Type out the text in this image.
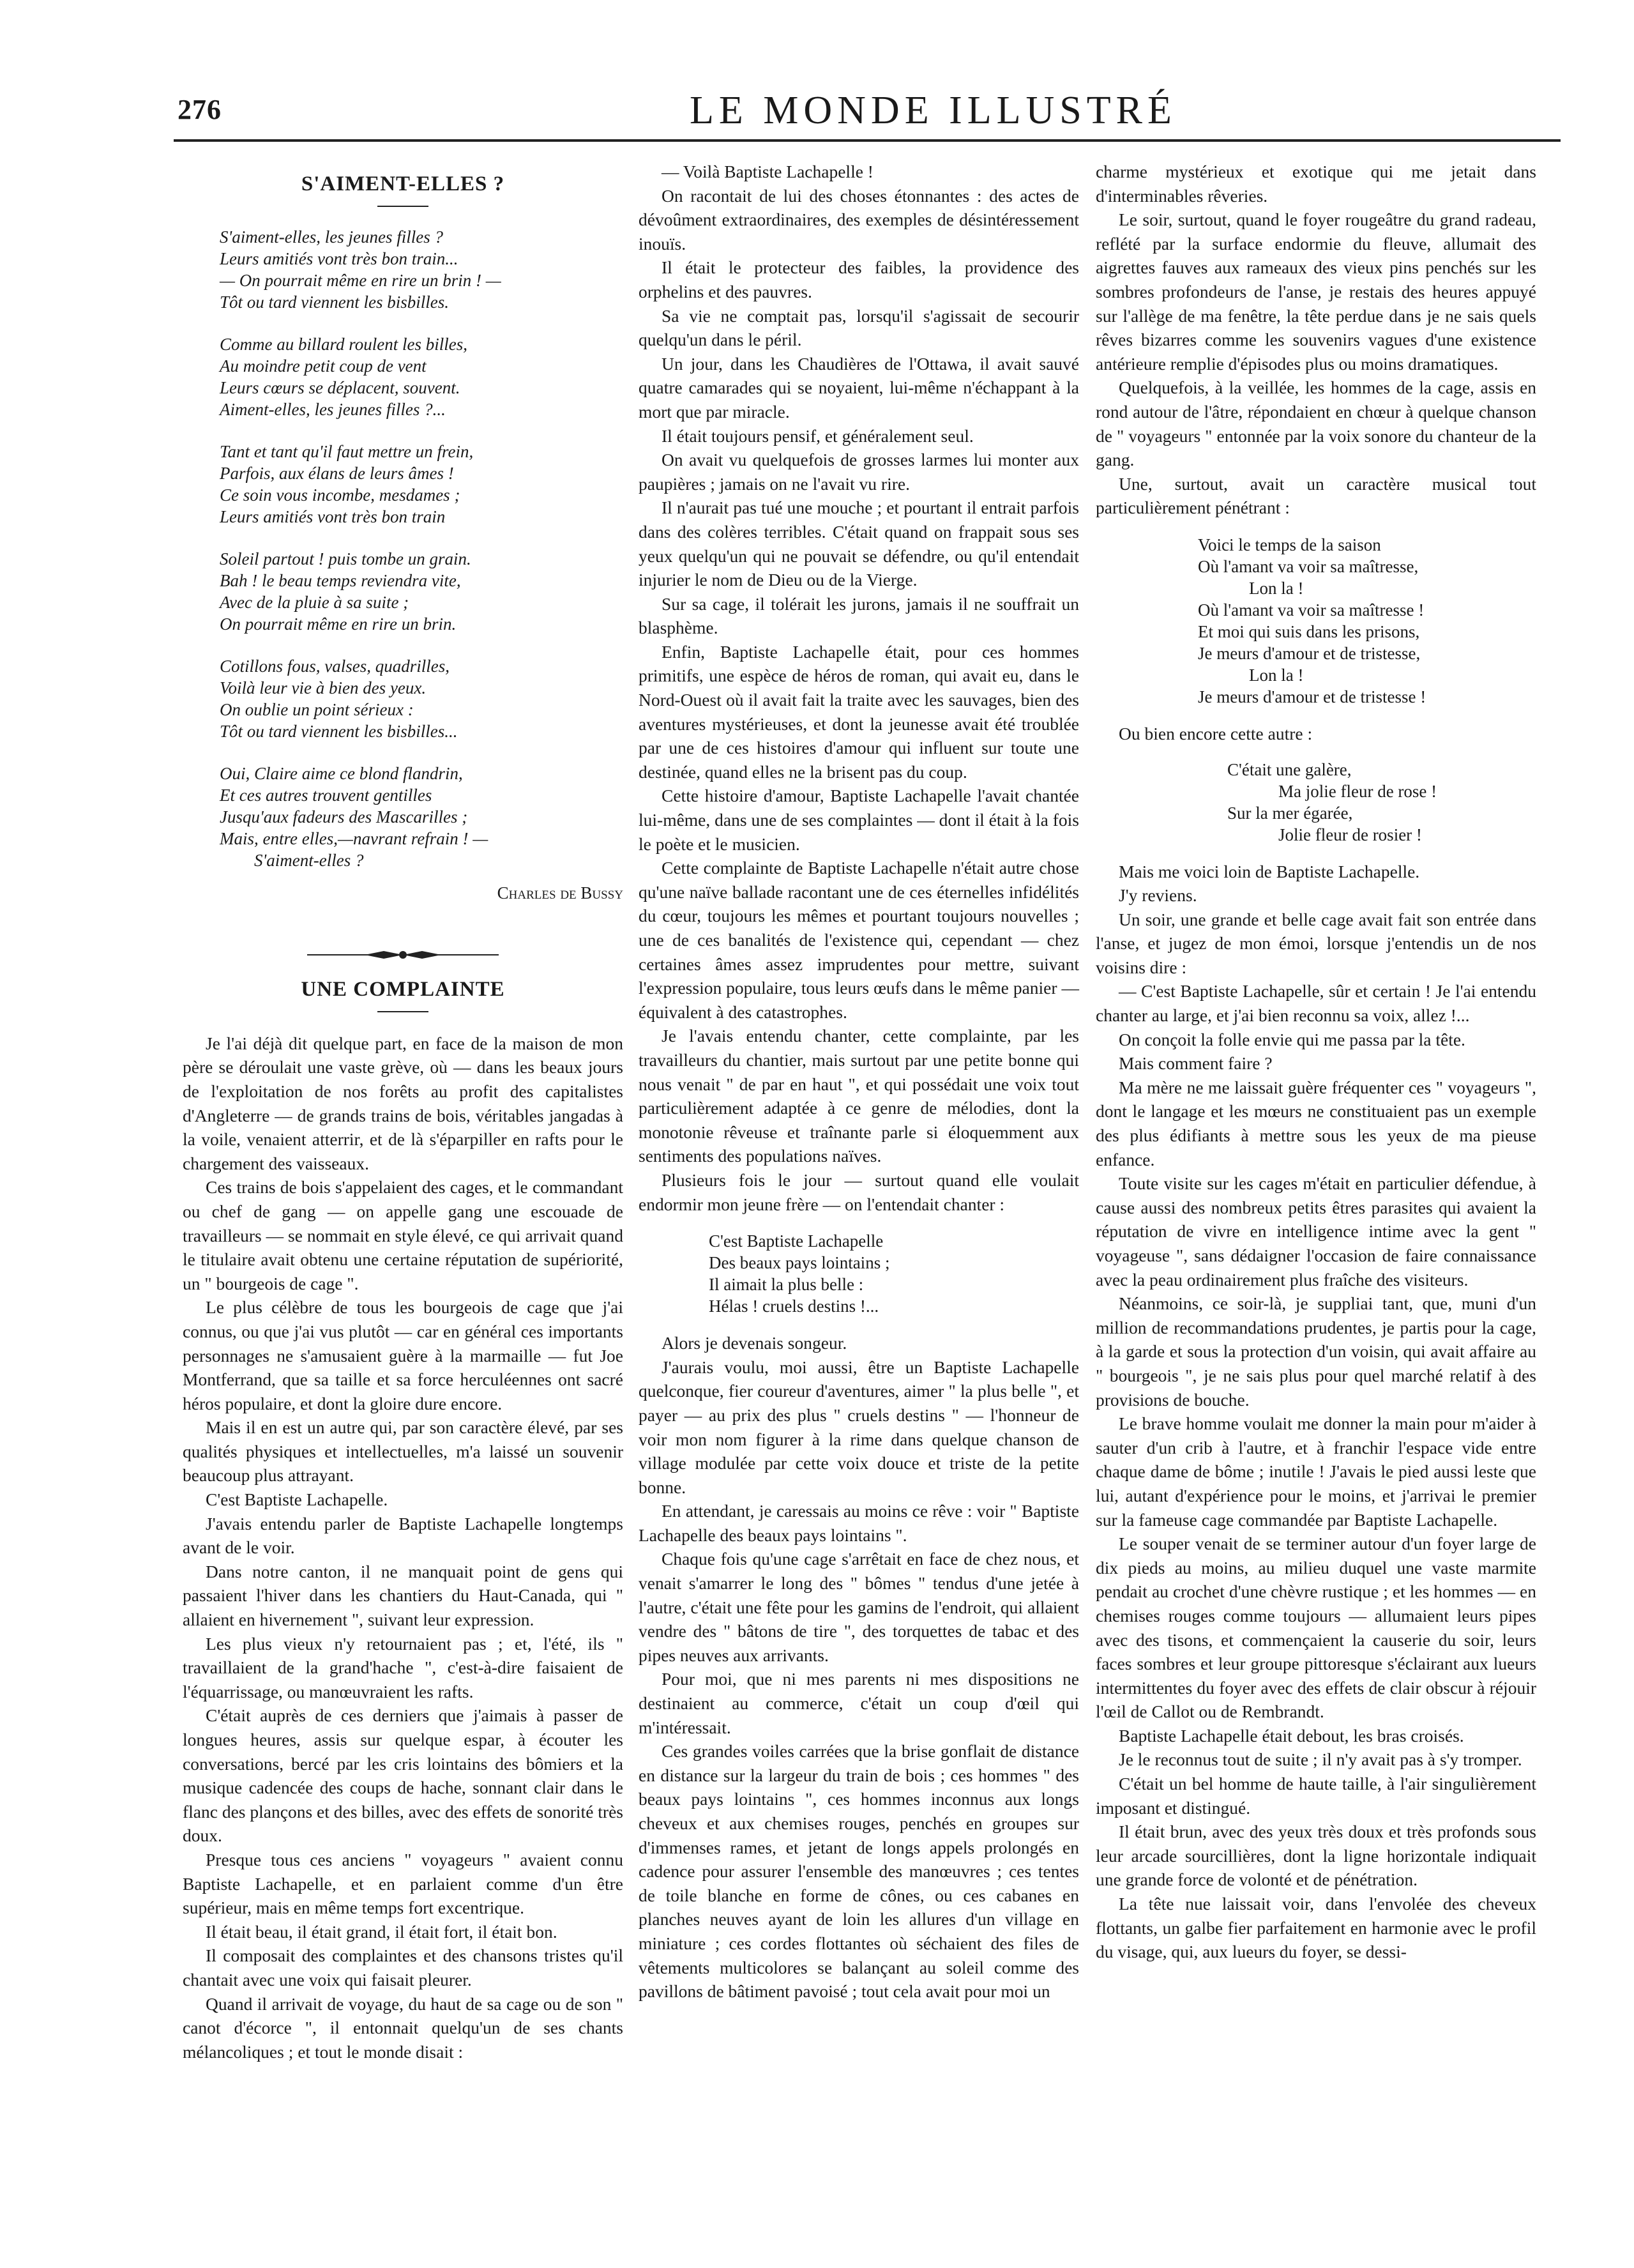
276	LE MONDE ILLUSTRÉ
S'AIMENT-ELLES ?
S'aiment-elles, les jeunes filles ?
Leurs amitiés vont très bon train...
— On pourrait même en rire un brin ! —
Tôt ou tard viennent les bisbilles.
Comme au billard roulent les billes,
Au moindre petit coup de vent
Leurs cœurs se déplacent, souvent.
Aiment-elles, les jeunes filles ?...
Tant et tant qu'il faut mettre un frein,
Parfois, aux élans de leurs âmes !
Ce soin vous incombe, mesdames ;
Leurs amitiés vont très bon train
Soleil partout ! puis tombe un grain.
Bah ! le beau temps reviendra vite,
Avec de la pluie à sa suite ;
On pourrait même en rire un brin.
Cotillons fous, valses, quadrilles,
Voilà leur vie à bien des yeux.
On oublie un point sérieux :
Tôt ou tard viennent les bisbilles...
Oui, Claire aime ce blond flandrin,
Et ces autres trouvent gentilles
Jusqu'aux fadeurs des Mascarilles ;
Mais, entre elles,—navrant refrain ! —
S'aiment-elles ?
Charles de Bussy
UNE COMPLAINTE

Je l'ai déjà dit quelque part, en face de la maison de mon père se déroulait une vaste grève, où — dans les beaux jours de l'exploitation de nos forêts au profit des capitalistes d'Angleterre — de grands trains de bois, véritables jangadas à la voile, venaient atterrir, et de là s'éparpiller en rafts pour le chargement des vaisseaux.

Ces trains de bois s'appelaient des cages, et le commandant ou chef de gang — on appelle gang une escouade de travailleurs — se nommait en style élevé, ce qui arrivait quand le titulaire avait obtenu une certaine réputation de supériorité, un " bourgeois de cage ".

Le plus célèbre de tous les bourgeois de cage que j'ai connus, ou que j'ai vus plutôt — car en général ces importants personnages ne s'amusaient guère à la marmaille — fut Joe Montferrand, que sa taille et sa force herculéennes ont sacré héros populaire, et dont la gloire dure encore.

Mais il en est un autre qui, par son caractère élevé, par ses qualités physiques et intellectuelles, m'a laissé un souvenir beaucoup plus attrayant.

C'est Baptiste Lachapelle.

J'avais entendu parler de Baptiste Lachapelle longtemps avant de le voir.

Dans notre canton, il ne manquait point de gens qui passaient l'hiver dans les chantiers du Haut-Canada, qui " allaient en hivernement ", suivant leur expression.

Les plus vieux n'y retournaient pas ; et, l'été, ils " travaillaient de la grand'hache ", c'est-à-dire faisaient de l'équarrissage, ou manœuvraient les rafts.

C'était auprès de ces derniers que j'aimais à passer de longues heures, assis sur quelque espar, à écouter les conversations, bercé par les cris lointains des bômiers et la musique cadencée des coups de hache, sonnant clair dans le flanc des plançons et des billes, avec des effets de sonorité très doux.

Presque tous ces anciens " voyageurs " avaient connu Baptiste Lachapelle, et en parlaient comme d'un être supérieur, mais en même temps fort excentrique.

Il était beau, il était grand, il était fort, il était bon.

Il composait des complaintes et des chansons tristes qu'il chantait avec une voix qui faisait pleurer.

Quand il arrivait de voyage, du haut de sa cage ou de son " canot d'écorce ", il entonnait quelqu'un de ses chants mélancoliques ; et tout le monde disait :

— Voilà Baptiste Lachapelle !

On racontait de lui des choses étonnantes : des actes de dévoûment extraordinaires, des exemples de désintéressement inouïs.

Il était le protecteur des faibles, la providence des orphelins et des pauvres.

Sa vie ne comptait pas, lorsqu'il s'agissait de secourir quelqu'un dans le péril.

Un jour, dans les Chaudières de l'Ottawa, il avait sauvé quatre camarades qui se noyaient, lui-même n'échappant à la mort que par miracle.

Il était toujours pensif, et généralement seul.

On avait vu quelquefois de grosses larmes lui monter aux paupières ; jamais on ne l'avait vu rire.

Il n'aurait pas tué une mouche ; et pourtant il entrait parfois dans des colères terribles. C'était quand on frappait sous ses yeux quelqu'un qui ne pouvait se défendre, ou qu'il entendait injurier le nom de Dieu ou de la Vierge.

Sur sa cage, il tolérait les jurons, jamais il ne souffrait un blasphème.

Enfin, Baptiste Lachapelle était, pour ces hommes primitifs, une espèce de héros de roman, qui avait eu, dans le Nord-Ouest où il avait fait la traite avec les sauvages, bien des aventures mystérieuses, et dont la jeunesse avait été troublée par une de ces histoires d'amour qui influent sur toute une destinée, quand elles ne la brisent pas du coup.

Cette histoire d'amour, Baptiste Lachapelle l'avait chantée lui-même, dans une de ses complaintes — dont il était à la fois le poète et le musicien.

Cette complainte de Baptiste Lachapelle n'était autre chose qu'une naïve ballade racontant une de ces éternelles infidélités du cœur, toujours les mêmes et pourtant toujours nouvelles ; une de ces banalités de l'existence qui, cependant — chez certaines âmes assez imprudentes pour mettre, suivant l'expression populaire, tous leurs œufs dans le même panier — équivalent à des catastrophes.

Je l'avais entendu chanter, cette complainte, par les travailleurs du chantier, mais surtout par une petite bonne qui nous venait " de par en haut ", et qui possédait une voix tout particulièrement adaptée à ce genre de mélodies, dont la monotonie rêveuse et traînante parle si éloquemment aux sentiments des populations naïves.

Plusieurs fois le jour — surtout quand elle voulait endormir mon jeune frère — on l'entendait chanter :

C'est Baptiste Lachapelle
Des beaux pays lointains ;
Il aimait la plus belle :
Hélas ! cruels destins !...

Alors je devenais songeur.

J'aurais voulu, moi aussi, être un Baptiste Lachapelle quelconque, fier coureur d'aventures, aimer " la plus belle ", et payer — au prix des plus " cruels destins " — l'honneur de voir mon nom figurer à la rime dans quelque chanson de village modulée par cette voix douce et triste de la petite bonne.

En attendant, je caressais au moins ce rêve : voir " Baptiste Lachapelle des beaux pays lointains ".

Chaque fois qu'une cage s'arrêtait en face de chez nous, et venait s'amarrer le long des " bômes " tendus d'une jetée à l'autre, c'était une fête pour les gamins de l'endroit, qui allaient vendre des " bâtons de tire ", des torquettes de tabac et des pipes neuves aux arrivants.

Pour moi, que ni mes parents ni mes dispositions ne destinaient au commerce, c'était un coup d'œil qui m'intéressait.

Ces grandes voiles carrées que la brise gonflait de distance en distance sur la largeur du train de bois ; ces hommes " des beaux pays lointains ", ces hommes inconnus aux longs cheveux et aux chemises rouges, penchés en groupes sur d'immenses rames, et jetant de longs appels prolongés en cadence pour assurer l'ensemble des manœuvres ; ces tentes de toile blanche en forme de cônes, ou ces cabanes en planches neuves ayant de loin les allures d'un village en miniature ; ces cordes flottantes où séchaient des files de vêtements multicolores se balançant au soleil comme des pavillons de bâtiment pavoisé ; tout cela avait pour moi un

charme mystérieux et exotique qui me jetait dans d'interminables rêveries.

Le soir, surtout, quand le foyer rougeâtre du grand radeau, reflété par la surface endormie du fleuve, allumait des aigrettes fauves aux rameaux des vieux pins penchés sur les sombres profondeurs de l'anse, je restais des heures appuyé sur l'allège de ma fenêtre, la tête perdue dans je ne sais quels rêves bizarres comme les souvenirs vagues d'une existence antérieure remplie d'épisodes plus ou moins dramatiques.

Quelquefois, à la veillée, les hommes de la cage, assis en rond autour de l'âtre, répondaient en chœur à quelque chanson de " voyageurs " entonnée par la voix sonore du chanteur de la gang.

Une, surtout, avait un caractère musical tout particulièrement pénétrant :

Voici le temps de la saison
Où l'amant va voir sa maîtresse,
Lon la !
Où l'amant va voir sa maîtresse !
Et moi qui suis dans les prisons,
Je meurs d'amour et de tristesse,
Lon la !
Je meurs d'amour et de tristesse !

Ou bien encore cette autre :

C'était une galère,
Ma jolie fleur de rose !
Sur la mer égarée,
Jolie fleur de rosier !

Mais me voici loin de Baptiste Lachapelle.

J'y reviens.

Un soir, une grande et belle cage avait fait son entrée dans l'anse, et jugez de mon émoi, lorsque j'entendis un de nos voisins dire :

— C'est Baptiste Lachapelle, sûr et certain ! Je l'ai entendu chanter au large, et j'ai bien reconnu sa voix, allez !...

On conçoit la folle envie qui me passa par la tête.

Mais comment faire ?

Ma mère ne me laissait guère fréquenter ces " voyageurs ", dont le langage et les mœurs ne constituaient pas un exemple des plus édifiants à mettre sous les yeux de ma pieuse enfance.

Toute visite sur les cages m'était en particulier défendue, à cause aussi des nombreux petits êtres parasites qui avaient la réputation de vivre en intelligence intime avec la gent " voyageuse ", sans dédaigner l'occasion de faire connaissance avec la peau ordinairement plus fraîche des visiteurs.

Néanmoins, ce soir-là, je suppliai tant, que, muni d'un million de recommandations prudentes, je partis pour la cage, à la garde et sous la protection d'un voisin, qui avait affaire au " bourgeois ", je ne sais plus pour quel marché relatif à des provisions de bouche.

Le brave homme voulait me donner la main pour m'aider à sauter d'un crib à l'autre, et à franchir l'espace vide entre chaque dame de bôme ; inutile ! J'avais le pied aussi leste que lui, autant d'expérience pour le moins, et j'arrivai le premier sur la fameuse cage commandée par Baptiste Lachapelle.

Le souper venait de se terminer autour d'un foyer large de dix pieds au moins, au milieu duquel une vaste marmite pendait au crochet d'une chèvre rustique ; et les hommes — en chemises rouges comme toujours — allumaient leurs pipes avec des tisons, et commençaient la causerie du soir, leurs faces sombres et leur groupe pittoresque s'éclairant aux lueurs intermittentes du foyer avec des effets de clair obscur à réjouir l'œil de Callot ou de Rembrandt.

Baptiste Lachapelle était debout, les bras croisés.

Je le reconnus tout de suite ; il n'y avait pas à s'y tromper.

C'était un bel homme de haute taille, à l'air singulièrement imposant et distingué.

Il était brun, avec des yeux très doux et très profonds sous leur arcade sourcillières, dont la ligne horizontale indiquait une grande force de volonté et de pénétration.

La tête nue laissait voir, dans l'envolée des cheveux flottants, un galbe fier parfaitement en harmonie avec le profil du visage, qui, aux lueurs du foyer, se dessi-
